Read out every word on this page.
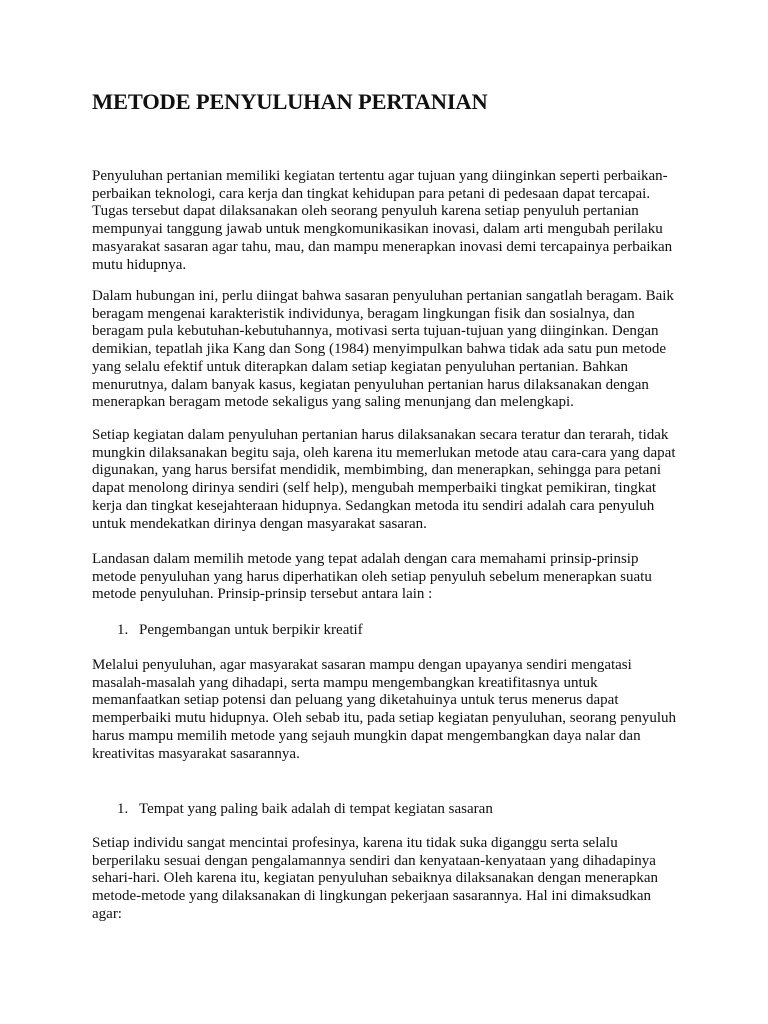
METODE PENYULUHAN PERTANIAN
Penyuluhan pertanian memiliki kegiatan tertentu agar tujuan yang diinginkan seperti perbaikan-
perbaikan teknologi, cara kerja dan tingkat kehidupan para petani di pedesaan dapat tercapai.
Tugas tersebut dapat dilaksanakan oleh seorang penyuluh karena setiap penyuluh pertanian
mempunyai tanggung jawab untuk mengkomunikasikan inovasi, dalam arti mengubah perilaku
masyarakat sasaran agar tahu, mau, dan mampu menerapkan inovasi demi tercapainya perbaikan
mutu hidupnya.
Dalam hubungan ini, perlu diingat bahwa sasaran penyuluhan pertanian sangatlah beragam. Baik
beragam mengenai karakteristik individunya, beragam lingkungan fisik dan sosialnya, dan
beragam pula kebutuhan-kebutuhannya, motivasi serta tujuan-tujuan yang diinginkan. Dengan
demikian, tepatlah jika Kang dan Song (1984) menyimpulkan bahwa tidak ada satu pun metode
yang selalu efektif untuk diterapkan dalam setiap kegiatan penyuluhan pertanian. Bahkan
menurutnya, dalam banyak kasus, kegiatan penyuluhan pertanian harus dilaksanakan dengan
menerapkan beragam metode sekaligus yang saling menunjang dan melengkapi.
Setiap kegiatan dalam penyuluhan pertanian harus dilaksanakan secara teratur dan terarah, tidak
mungkin dilaksanakan begitu saja, oleh karena itu memerlukan metode atau cara-cara yang dapat
digunakan, yang harus bersifat mendidik, membimbing, dan menerapkan, sehingga para petani
dapat menolong dirinya sendiri (self help), mengubah memperbaiki tingkat pemikiran, tingkat
kerja dan tingkat kesejahteraan hidupnya. Sedangkan metoda itu sendiri adalah cara penyuluh
untuk mendekatkan dirinya dengan masyarakat sasaran.
Landasan dalam memilih metode yang tepat adalah dengan cara memahami prinsip-prinsip
metode penyuluhan yang harus diperhatikan oleh setiap penyuluh sebelum menerapkan suatu
metode penyuluhan. Prinsip-prinsip tersebut antara lain :
1. Pengembangan untuk berpikir kreatif
Melalui penyuluhan, agar masyarakat sasaran mampu dengan upayanya sendiri mengatasi
masalah-masalah yang dihadapi, serta mampu mengembangkan kreatifitasnya untuk
memanfaatkan setiap potensi dan peluang yang diketahuinya untuk terus menerus dapat
memperbaiki mutu hidupnya. Oleh sebab itu, pada setiap kegiatan penyuluhan, seorang penyuluh
harus mampu memilih metode yang sejauh mungkin dapat mengembangkan daya nalar dan
kreativitas masyarakat sasarannya.
1. Tempat yang paling baik adalah di tempat kegiatan sasaran
Setiap individu sangat mencintai profesinya, karena itu tidak suka diganggu serta selalu
berperilaku sesuai dengan pengalamannya sendiri dan kenyataan-kenyataan yang dihadapinya
sehari-hari. Oleh karena itu, kegiatan penyuluhan sebaiknya dilaksanakan dengan menerapkan
metode-metode yang dilaksanakan di lingkungan pekerjaan sasarannya. Hal ini dimaksudkan
agar:
